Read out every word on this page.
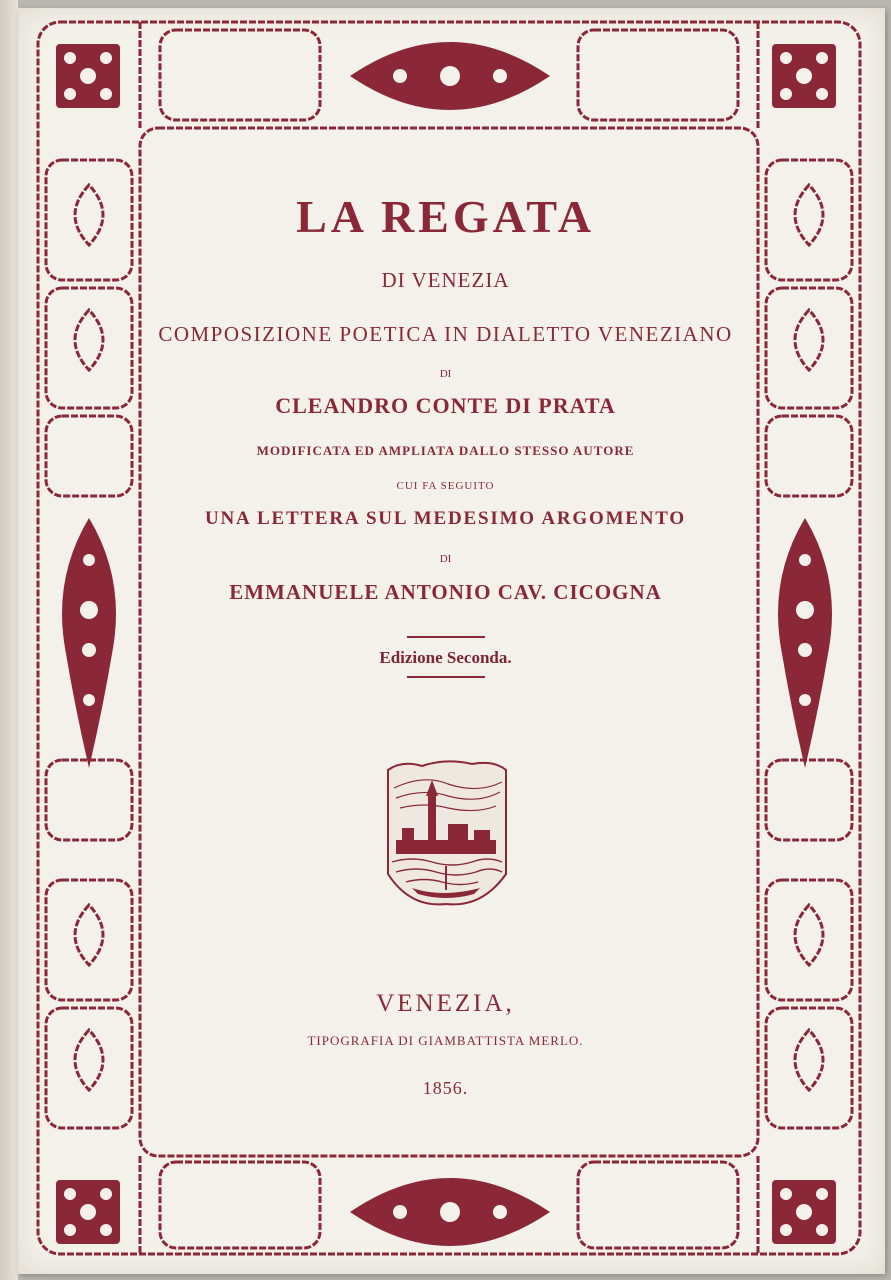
LA REGATA
DI VENEZIA
COMPOSIZIONE POETICA IN DIALETTO VENEZIANO
DI
CLEANDRO CONTE DI PRATA
MODIFICATA ED AMPLIATA DALLO STESSO AUTORE
CUI FA SEGUITO
UNA LETTERA SUL MEDESIMO ARGOMENTO
DI
EMMANUELE ANTONIO CAV. CICOGNA
Edizione Seconda.
VENEZIA,
TIPOGRAFIA DI GIAMBATTISTA MERLO.
1856.
